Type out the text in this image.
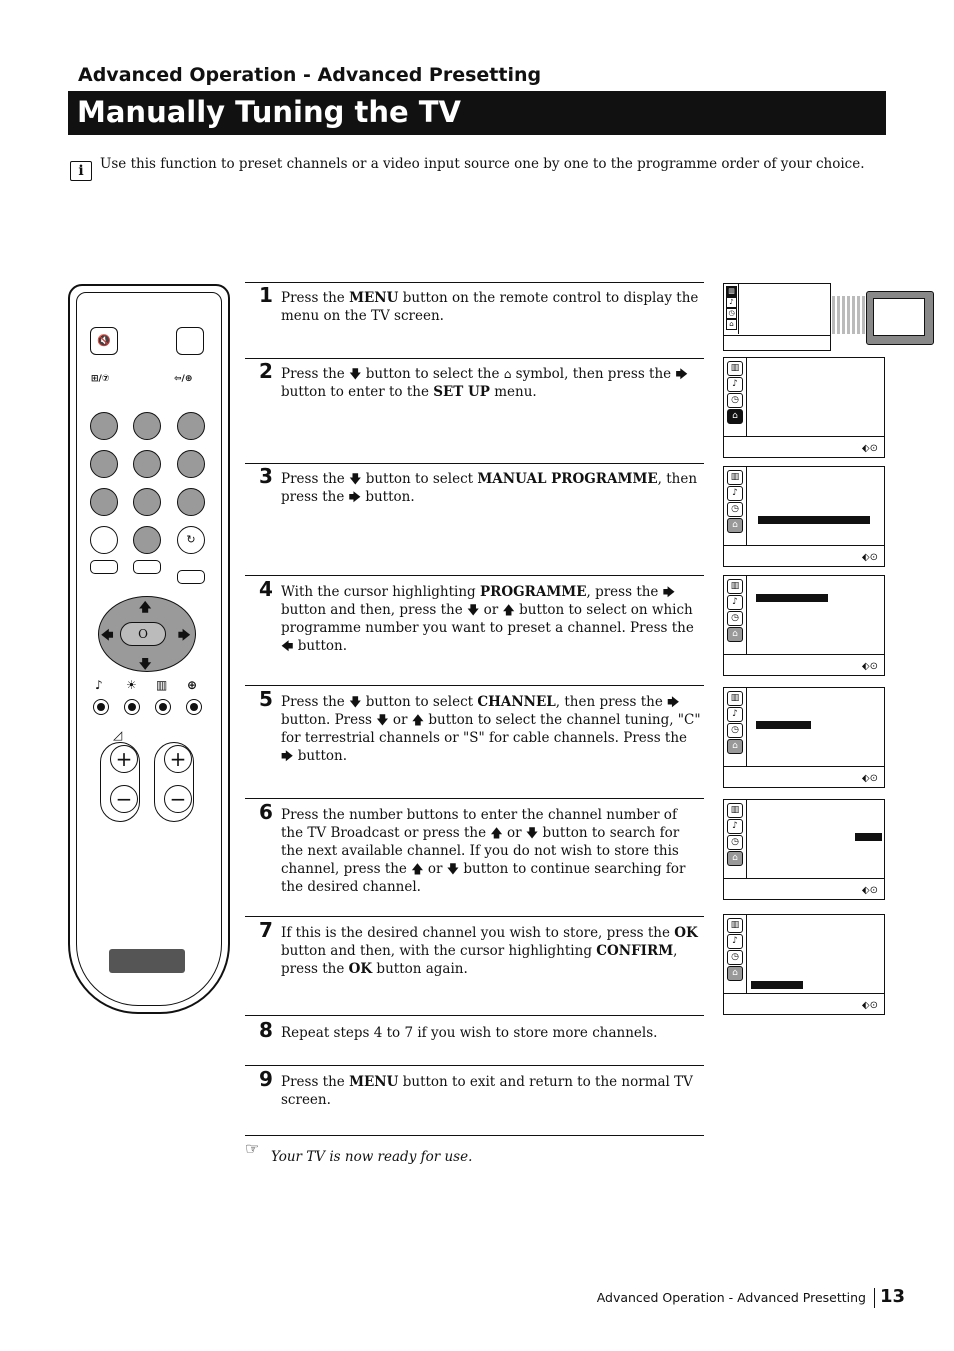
Advanced Operation - Advanced Presetting
Manually Tuning the TV
i	Use this function to preset channels or a video input source one by one to the programme order of your choice.
🔇
⊞/⑦	⇦/⊕
↻
O
🡅
🡇
🡄	🡆
♪ ☀ ▥ ⊕
◿
+
−
+
−
1 Press the MENU button on the remote control to display the menu on the TV screen.
2 Press the 🡇 button to select the ⌂ symbol, then press the 🡆 button to enter to the SET UP menu.
3 Press the 🡇 button to select MANUAL PROGRAMME, then press the 🡆 button.
4 With the cursor highlighting PROGRAMME, press the 🡆 button and then, press the 🡇 or 🡅 button to select on which programme number you want to preset a channel. Press the 🡄 button.
5 Press the 🡇 button to select CHANNEL, then press the 🡆 button. Press 🡇 or 🡅 button to select the channel tuning, "C" for terrestrial channels or "S" for cable channels. Press the 🡆 button.
6 Press the number buttons to enter the channel number of the TV Broadcast or press the 🡅 or 🡇 button to search for the next available channel. If you do not wish to store this channel, press the 🡅 or 🡇 button to continue searching for the desired channel.
7 If this is the desired channel you wish to store, press the OK button and then, with the cursor highlighting CONFIRM, press the OK button again.
8 Repeat steps 4 to 7 if you wish to store more channels.
9 Press the MENU button to exit and return to the normal TV screen.
▥
♪
◷
⌂
⬖⊙
▥
♪
◷
⌂
⬖⊙
▥
♪
◷
⌂
⬖⊙
▥
♪
◷
⌂
⬖⊙
▥
♪
◷
⌂
⬖⊙
▥
♪
◷
⌂
⬖⊙
▥
♪
◷
⌂
☞ Your TV is now ready for use.
Advanced Operation - Advanced Presetting 13
